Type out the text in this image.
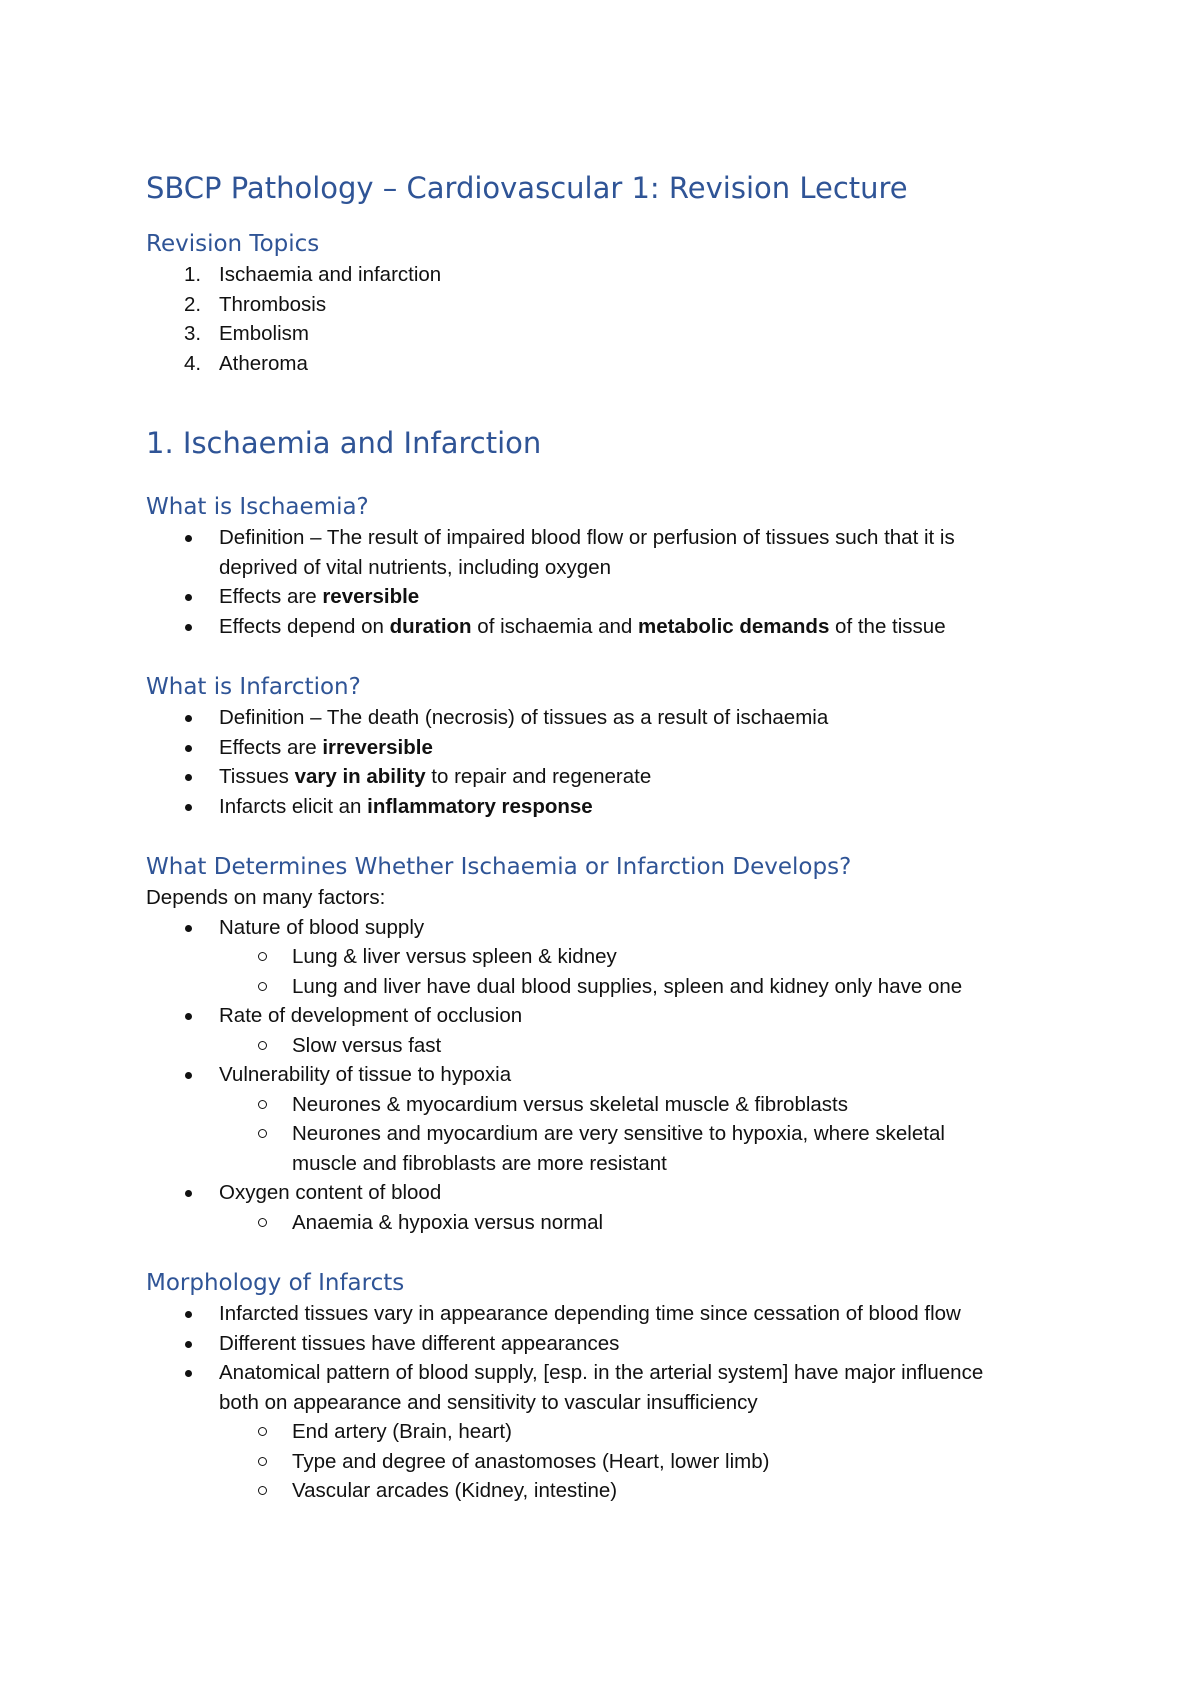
SBCP Pathology – Cardiovascular 1: Revision Lecture
Revision Topics
1. Ischaemia and infarction
2. Thrombosis
3. Embolism
4. Atheroma
1. Ischaemia and Infarction
What is Ischaemia?
Definition – The result of impaired blood flow or perfusion of tissues such that it is
deprived of vital nutrients, including oxygen
Effects are reversible
Effects depend on duration of ischaemia and metabolic demands of the tissue
What is Infarction?
Definition – The death (necrosis) of tissues as a result of ischaemia
Effects are irreversible
Tissues vary in ability to repair and regenerate
Infarcts elicit an inflammatory response
What Determines Whether Ischaemia or Infarction Develops?
Depends on many factors:
Nature of blood supply
Lung & liver versus spleen & kidney
Lung and liver have dual blood supplies, spleen and kidney only have one
Rate of development of occlusion
Slow versus fast
Vulnerability of tissue to hypoxia
Neurones & myocardium versus skeletal muscle & fibroblasts
Neurones and myocardium are very sensitive to hypoxia, where skeletal
muscle and fibroblasts are more resistant
Oxygen content of blood
Anaemia & hypoxia versus normal
Morphology of Infarcts
Infarcted tissues vary in appearance depending time since cessation of blood flow
Different tissues have different appearances
Anatomical pattern of blood supply, [esp. in the arterial system] have major influence
both on appearance and sensitivity to vascular insufficiency
End artery (Brain, heart)
Type and degree of anastomoses (Heart, lower limb)
Vascular arcades (Kidney, intestine)
